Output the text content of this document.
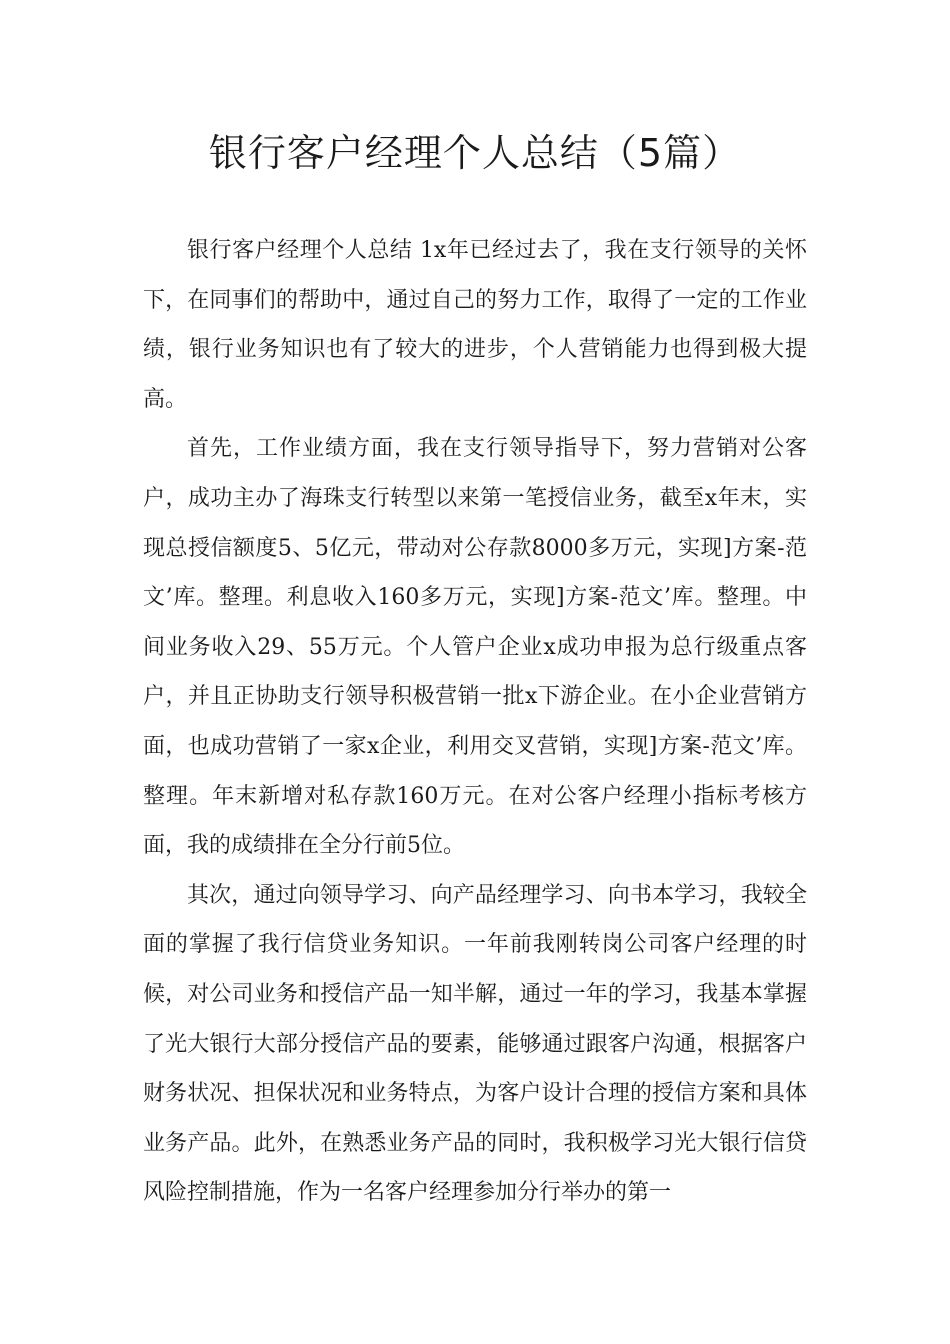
银行客户经理个人总结（5篇）

银行客户经理个人总结 1x年已经过去了，我在支行领导的关怀下，在同事们的帮助中，通过自己的努力工作，取得了一定的工作业绩，银行业务知识也有了较大的进步，个人营销能力也得到极大提高。

首先，工作业绩方面，我在支行领导指导下，努力营销对公客户，成功主办了海珠支行转型以来第一笔授信业务，截至x年末，实现总授信额度5、5亿元，带动对公存款8000多万元，实现]方案-范文’库。整理。利息收入160多万元，实现]方案-范文’库。整理。中间业务收入29、55万元。个人管户企业x成功申报为总行级重点客户，并且正协助支行领导积极营销一批x下游企业。在小企业营销方面，也成功营销了一家x企业，利用交叉营销，实现]方案-范文’库。整理。年末新增对私存款160万元。在对公客户经理小指标考核方面，我的成绩排在全分行前5位。

其次，通过向领导学习、向产品经理学习、向书本学习，我较全面的掌握了我行信贷业务知识。一年前我刚转岗公司客户经理的时候，对公司业务和授信产品一知半解，通过一年的学习，我基本掌握了光大银行大部分授信产品的要素，能够通过跟客户沟通，根据客户财务状况、担保状况和业务特点，为客户设计合理的授信方案和具体业务产品。此外，在熟悉业务产品的同时，我积极学习光大银行信贷风险控制措施，作为一名客户经理参加分行举办的第一
